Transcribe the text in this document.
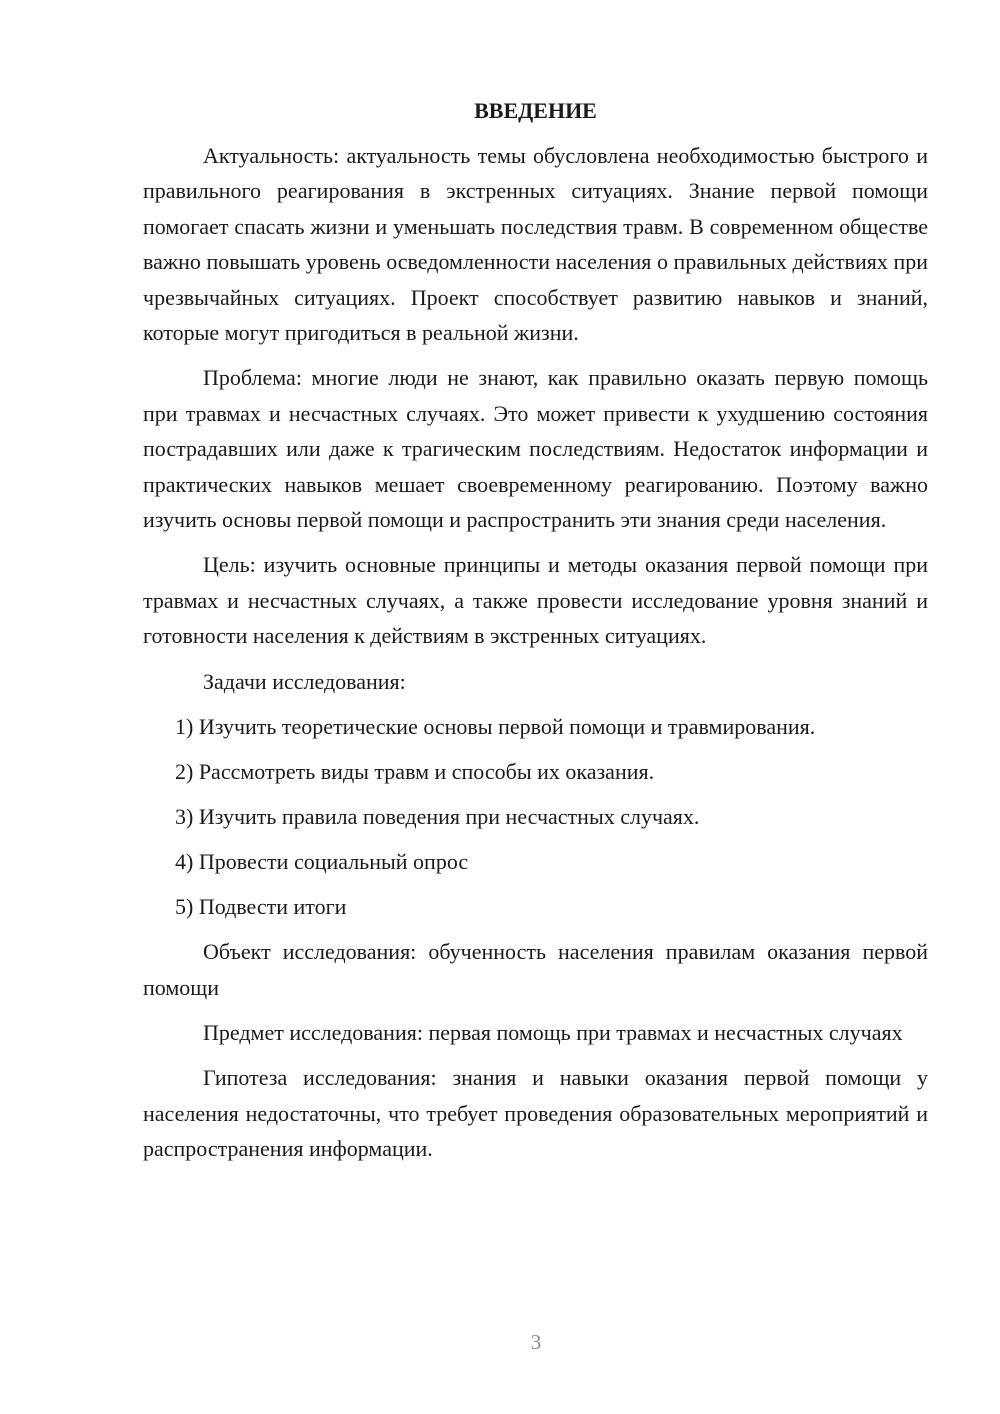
ВВЕДЕНИЕ

Актуальность: актуальность темы обусловлена необходимостью быстрого и правильного реагирования в экстренных ситуациях. Знание первой помощи помогает спасать жизни и уменьшать последствия травм. В современном обществе важно повышать уровень осведомленности населения о правильных действиях при чрезвычайных ситуациях. Проект способствует развитию навыков и знаний, которые могут пригодиться в реальной жизни.

Проблема: многие люди не знают, как правильно оказать первую помощь при травмах и несчастных случаях. Это может привести к ухудшению состояния пострадавших или даже к трагическим последствиям. Недостаток информации и практических навыков мешает своевременному реагированию. Поэтому важно изучить основы первой помощи и распространить эти знания среди населения.

Цель: изучить основные принципы и методы оказания первой помощи при травмах и несчастных случаях, а также провести исследование уровня знаний и готовности населения к действиям в экстренных ситуациях.

Задачи исследования:

1) Изучить теоретические основы первой помощи и травмирования.
2) Рассмотреть виды травм и способы их оказания.
3) Изучить правила поведения при несчастных случаях.
4) Провести социальный опрос
5) Подвести итоги

Объект исследования: обученность населения правилам оказания первой помощи

Предмет исследования: первая помощь при травмах и несчастных случаях

Гипотеза исследования: знания и навыки оказания первой помощи у населения недостаточны, что требует проведения образовательных мероприятий и распространения информации.

3
